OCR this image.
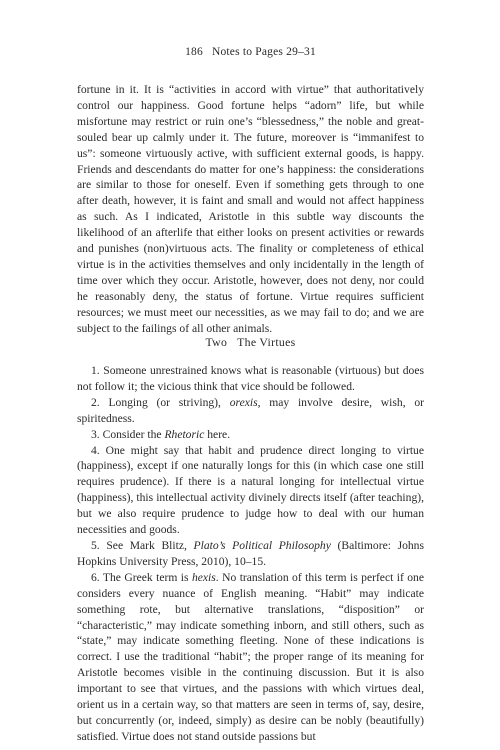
186 Notes to Pages 29–31

fortune in it. It is “activities in accord with virtue” that authoritatively control our happiness. Good fortune helps “adorn” life, but while misfortune may restrict or ruin one’s “blessedness,” the noble and great-souled bear up calmly under it. The future, moreover is “immanifest to us”: someone virtuously active, with sufficient external goods, is happy. Friends and descendants do matter for one’s happiness: the considerations are similar to those for oneself. Even if something gets through to one after death, however, it is faint and small and would not affect happiness as such. As I indicated, Aristotle in this subtle way discounts the likelihood of an afterlife that either looks on present activities or rewards and punishes (non)virtuous acts. The finality or completeness of ethical virtue is in the activities themselves and only incidentally in the length of time over which they occur. Aristotle, however, does not deny, nor could he reasonably deny, the status of fortune. Virtue requires sufficient resources; we must meet our necessities, as we may fail to do; and we are subject to the failings of all other animals.

Two The Virtues

1. Someone unrestrained knows what is reasonable (virtuous) but does not follow it; the vicious think that vice should be followed.

2. Longing (or striving), orexis, may involve desire, wish, or spiritedness.

3. Consider the Rhetoric here.

4. One might say that habit and prudence direct longing to virtue (happiness), except if one naturally longs for this (in which case one still requires prudence). If there is a natural longing for intellectual virtue (happiness), this intellectual activity divinely directs itself (after teaching), but we also require prudence to judge how to deal with our human necessities and goods.

5. See Mark Blitz, Plato’s Political Philosophy (Baltimore: Johns Hopkins University Press, 2010), 10–15.

6. The Greek term is hexis. No translation of this term is perfect if one considers every nuance of English meaning. “Habit” may indicate something rote, but alternative translations, “disposition” or “characteristic,” may indicate something inborn, and still others, such as “state,” may indicate something fleeting. None of these indications is correct. I use the traditional “habit”; the proper range of its meaning for Aristotle becomes visible in the continuing discussion. But it is also important to see that virtues, and the passions with which virtues deal, orient us in a certain way, so that matters are seen in terms of, say, desire, but concurrently (or, indeed, simply) as desire can be nobly (beautifully) satisfied. Virtue does not stand outside passions but
